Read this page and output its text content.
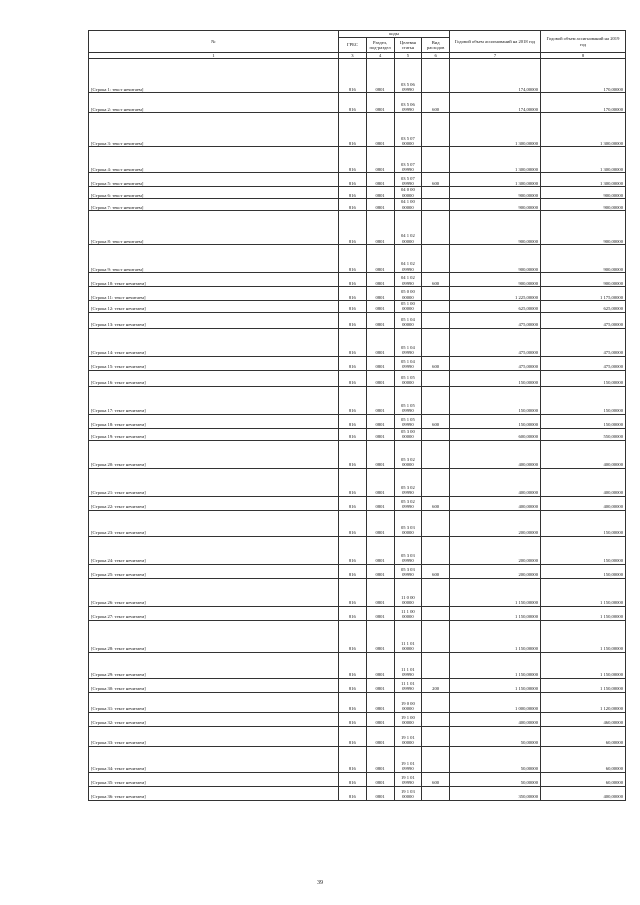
№	коды				Годовой объем ассигнований на 2018 год	Годовой объем ассигнований на 2019 год
	ГРБС	Раздел, под-раздел	Целевая статья	Вид расходов		
1	3	4	5	6	7	8
[Строка 1: текст нечитаем]	816	0801	03 5 06 09990		174,00000	170,00000
[Строка 2: текст нечитаем]	816	0801	03 5 06 09990	600	174,00000	170,00000
[Строка 3: текст нечитаем]	816	0801	03 5 07 00000		1 300,00000	1 300,00000
[Строка 4: текст нечитаем]	816	0801	03 5 07 09990		1 300,00000	1 300,00000
[Строка 5: текст нечитаем]	816	0801	03 5 07 09990	600	1 300,00000	1 300,00000
[Строка 6: текст нечитаем]	816	0801	04 0 00 00000		900,00000	900,00000
[Строка 7: текст нечитаем]	816	0801	04 1 00 00000		900,00000	900,00000
[Строка 8: текст нечитаем]	816	0801	04 1 02 00000		900,00000	900,00000
[Строка 9: текст нечитаем]	816	0801	04 1 02 09990		900,00000	900,00000
[Строка 10: текст нечитаем]	816	0801	04 1 02 09990	600	900,00000	900,00000
[Строка 11: текст нечитаем]	816	0801	05 0 00 00000		1 225,00000	1 175,00000
[Строка 12: текст нечитаем]	816	0801	05 1 00 00000		625,00000	625,00000
[Строка 13: текст нечитаем]	816	0801	05 1 04 00000		475,00000	475,00000
[Строка 14: текст нечитаем]	816	0801	05 1 04 09990		475,00000	475,00000
[Строка 15: текст нечитаем]	816	0801	05 1 04 09990	600	475,00000	475,00000
[Строка 16: текст нечитаем]	816	0801	05 1 05 00000		150,00000	150,00000
[Строка 17: текст нечитаем]	816	0801	05 1 05 09990		150,00000	150,00000
[Строка 18: текст нечитаем]	816	0801	05 1 05 09990	600	150,00000	150,00000
[Строка 19: текст нечитаем]	816	0801	05 3 00 00000		600,00000	550,00000
[Строка 20: текст нечитаем]	816	0801	05 3 02 00000		400,00000	400,00000
[Строка 21: текст нечитаем]	816	0801	05 3 02 09990		400,00000	400,00000
[Строка 22: текст нечитаем]	816	0801	05 3 02 09990	600	400,00000	400,00000
[Строка 23: текст нечитаем]	816	0801	05 3 03 00000		200,00000	150,00000
[Строка 24: текст нечитаем]	816	0801	05 3 03 09990		200,00000	150,00000
[Строка 25: текст нечитаем]	816	0801	05 3 03 09990	600	200,00000	150,00000
[Строка 26: текст нечитаем]	816	0801	11 0 00 00000		1 150,00000	1 150,00000
[Строка 27: текст нечитаем]	816	0801	11 1 00 00000		1 150,00000	1 150,00000
[Строка 28: текст нечитаем]	816	0801	11 1 01 00000		1 150,00000	1 150,00000
[Строка 29: текст нечитаем]	816	0801	11 1 01 09990		1 150,00000	1 150,00000
[Строка 30: текст нечитаем]	816	0801	11 1 01 09990	200	1 150,00000	1 150,00000
[Строка 31: текст нечитаем]	816	0801	19 0 00 00000		1 000,00000	1 120,00000
[Строка 32: текст нечитаем]	816	0801	19 1 00 00000		400,00000	460,00000
[Строка 33: текст нечитаем]	816	0801	19 1 01 00000		50,00000	60,00000
[Строка 34: текст нечитаем]	816	0801	19 1 01 09990		50,00000	60,00000
[Строка 35: текст нечитаем]	816	0801	19 1 01 09990	600	50,00000	60,00000
[Строка 36: текст нечитаем]	816	0801	19 1 03 00000		350,00000	400,00000
39
